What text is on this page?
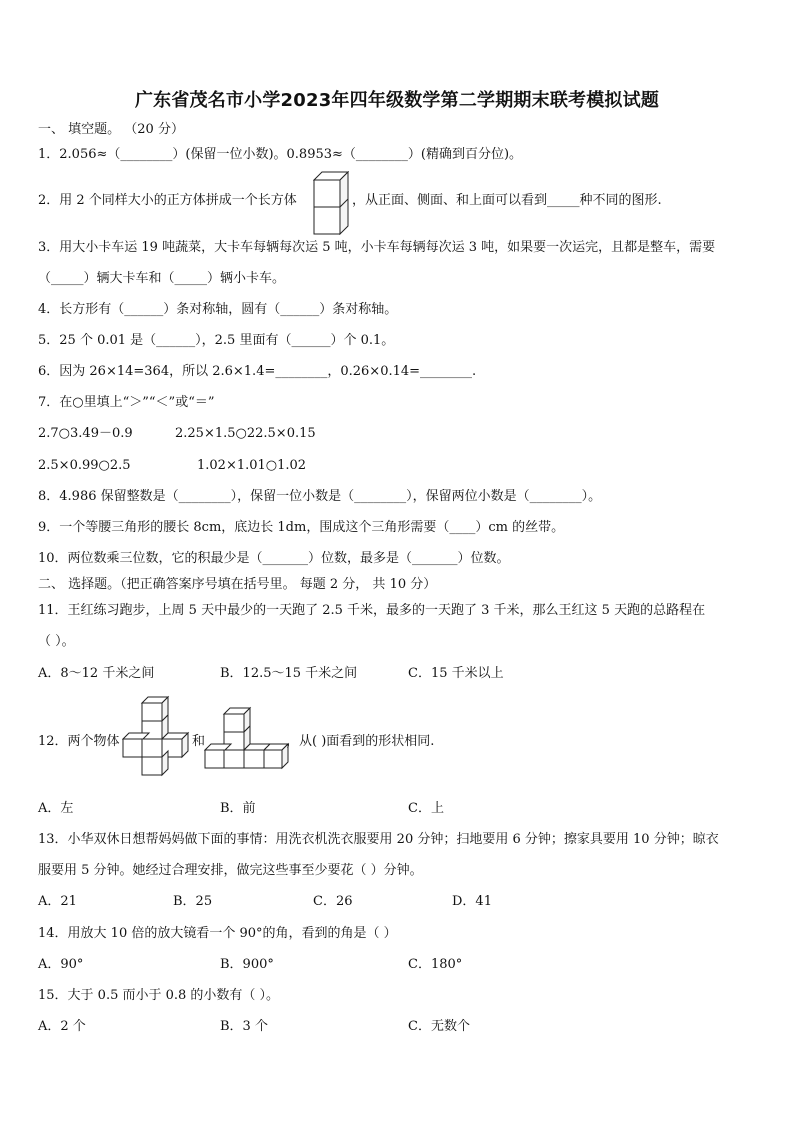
广东省茂名市小学2023年四年级数学第二学期期末联考模拟试题
一、 填空题。 （20 分）
1．2.056≈（________）(保留一位小数)。0.8953≈（________）(精确到百分位)。
2．用 2 个同样大小的正方体拼成一个长方体	，从正面、侧面、和上面可以看到_____种不同的图形.
3．用大小卡车运 19 吨蔬菜，大卡车每辆每次运 5 吨，小卡车每辆每次运 3 吨，如果要一次运完，且都是整车，需要
（_____）辆大卡车和（_____）辆小卡车。
4．长方形有（______）条对称轴，圆有（______）条对称轴。
5．25 个 0.01 是（______），2.5 里面有（______）个 0.1。
6．因为 26×14=364，所以 2.6×1.4=________，0.26×0.14=________.
7．在○里填上“＞”“＜”或“＝”
2.7○3.49－0.9	2.25×1.5○22.5×0.15
2.5×0.99○2.5	1.02×1.01○1.02
8．4.986 保留整数是（________），保留一位小数是（________），保留两位小数是（________）。
9．一个等腰三角形的腰长 8cm，底边长 1dm，围成这个三角形需要（____）cm 的丝带。
10．两位数乘三位数，它的积最少是（_______）位数，最多是（_______）位数。
二、 选择题。（把正确答案序号填在括号里。 每题 2 分， 共 10 分）
11．王红练习跑步，上周 5 天中最少的一天跑了 2.5 千米，最多的一天跑了 3 千米，那么王红这 5 天跑的总路程在
（ ）。
A．8～12 千米之间	B．12.5～15 千米之间	C．15 千米以上
12．两个物体	和	，从( )面看到的形状相同.
A．左	B．前	C．上
13．小华双休日想帮妈妈做下面的事情：用洗衣机洗衣服要用 20 分钟；扫地要用 6 分钟；擦家具要用 10 分钟；晾衣
服要用 5 分钟。她经过合理安排，做完这些事至少要花（ ）分钟。
A．21	B．25	C．26	D．41
14．用放大 10 倍的放大镜看一个 90°的角，看到的角是（ ）
A．90°	B．900°	C．180°
15．大于 0.5 而小于 0.8 的小数有（ ）。
A．2 个	B．3 个	C．无数个
